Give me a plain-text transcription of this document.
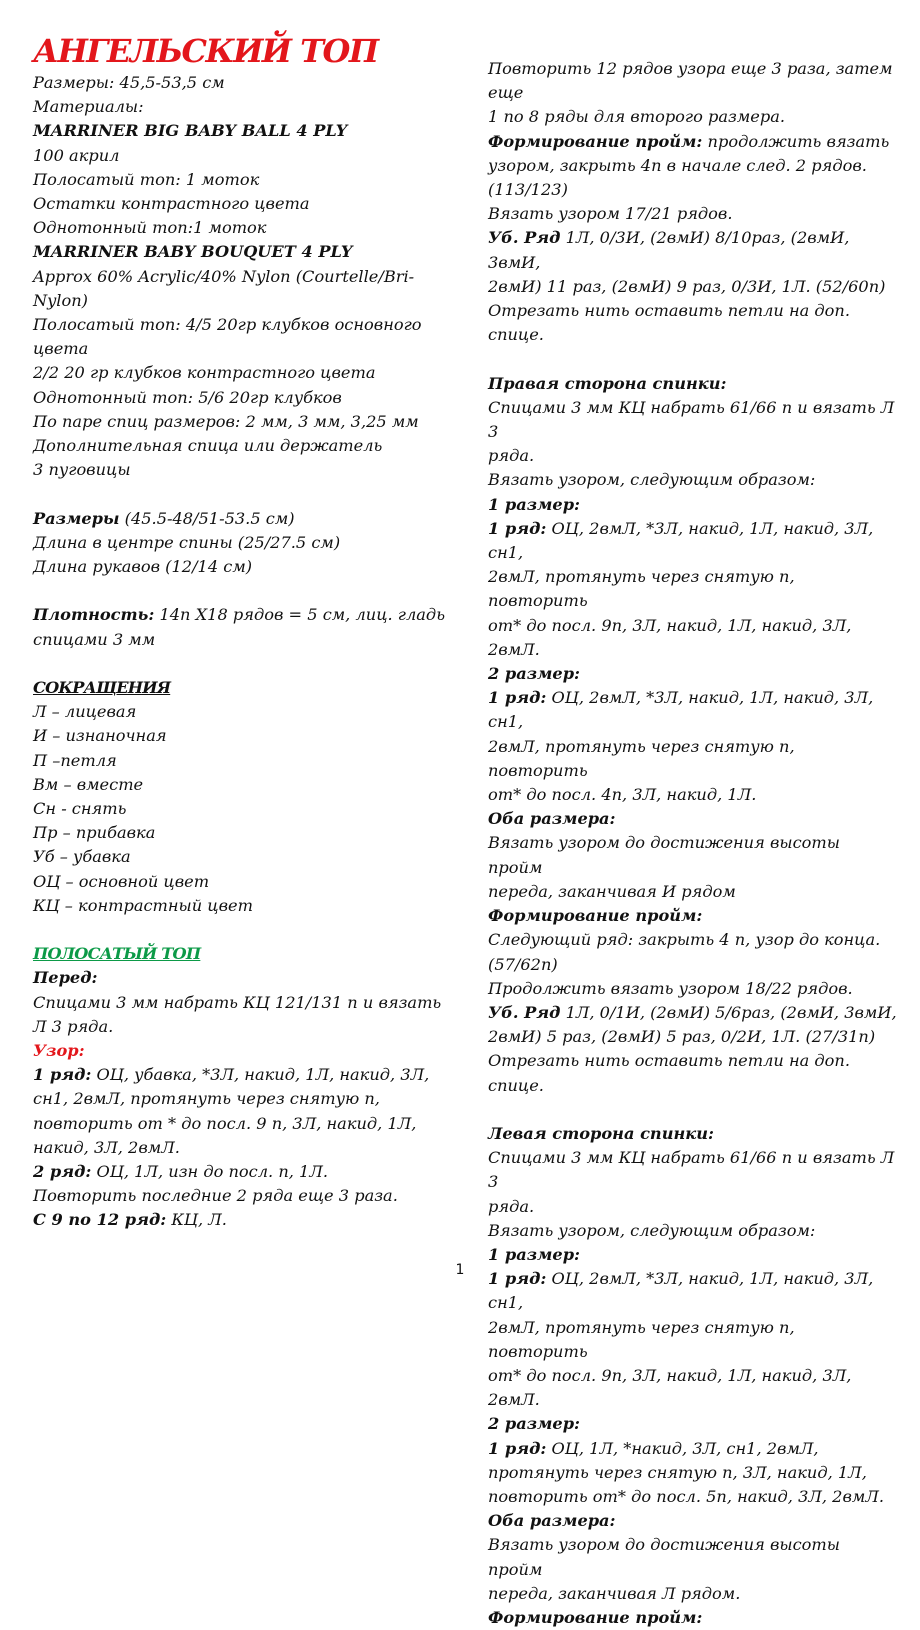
АНГЕЛЬСКИЙ ТОП

Размеры: 45,5-53,5 см

Материалы:

MARRINER BIG BABY BALL 4 PLY

100 акрил

Полосатый топ: 1 моток

Остатки контрастного цвета

Однотонный топ:1 моток

MARRINER BABY BOUQUET 4 PLY

Approx 60% Acrylic/40% Nylon (Courtelle/Bri-

Nylon)

Полосатый топ: 4/5 20гр клубков основного

цвета

2/2 20 гр клубков контрастного цвета

Однотонный топ: 5/6 20гр клубков

По паре спиц размеров: 2 мм, 3 мм, 3,25 мм

Дополнительная спица или держатель

3 пуговицы

Размеры (45.5-48/51-53.5 см)

Длина в центре спины (25/27.5 см)

Длина рукавов (12/14 см)

Плотность: 14п Х18 рядов = 5 см, лиц. гладь

спицами 3 мм

СОКРАЩЕНИЯ

Л – лицевая

И – изнаночная

П –петля

Вм – вместе

Сн - снять

Пр – прибавка

Уб – убавка

ОЦ – основной цвет

КЦ – контрастный цвет

ПОЛОСАТЫЙ ТОП

Перед:

Спицами 3 мм набрать КЦ 121/131 п и вязать

Л 3 ряда.

Узор:

1 ряд: ОЦ, убавка, *3Л, накид, 1Л, накид, 3Л,

сн1, 2вмЛ, протянуть через снятую п,

повторить от * до посл. 9 п, 3Л, накид, 1Л,

накид, 3Л, 2вмЛ.

2 ряд: ОЦ, 1Л, изн до посл. п, 1Л.

Повторить последние 2 ряда еще 3 раза.

С 9 по 12 ряд: КЦ, Л.

Повторить 12 рядов узора еще 3 раза, затем еще

1 по 8 ряды для второго размера.

Формирование пройм: продолжить вязать

узором, закрыть 4п в начале след. 2 рядов.

(113/123)

Вязать узором 17/21 рядов.

Уб. Ряд 1Л, 0/3И, (2вмИ) 8/10раз, (2вмИ, 3вмИ,

2вмИ) 11 раз, (2вмИ) 9 раз, 0/3И, 1Л. (52/60п)

Отрезать нить оставить петли на доп. спице.

Правая сторона спинки:

Спицами 3 мм КЦ набрать 61/66 п и вязать Л 3

ряда.

Вязать узором, следующим образом:

1 размер:

1 ряд: ОЦ, 2вмЛ, *3Л, накид, 1Л, накид, 3Л, сн1,

2вмЛ, протянуть через снятую п, повторить

от* до посл. 9п, 3Л, накид, 1Л, накид, 3Л, 2вмЛ.

2 размер:

1 ряд: ОЦ, 2вмЛ, *3Л, накид, 1Л, накид, 3Л, сн1,

2вмЛ, протянуть через снятую п, повторить

от* до посл. 4п, 3Л, накид, 1Л.

Оба размера:

Вязать узором до достижения высоты пройм

переда, заканчивая И рядом

Формирование пройм:

Следующий ряд: закрыть 4 п, узор до конца.

(57/62п)

Продолжить вязать узором 18/22 рядов.

Уб. Ряд 1Л, 0/1И, (2вмИ) 5/6раз, (2вмИ, 3вмИ,

2вмИ) 5 раз, (2вмИ) 5 раз, 0/2И, 1Л. (27/31п)

Отрезать нить оставить петли на доп. спице.

Левая сторона спинки:

Спицами 3 мм КЦ набрать 61/66 п и вязать Л 3

ряда.

Вязать узором, следующим образом:

1 размер:

1 ряд: ОЦ, 2вмЛ, *3Л, накид, 1Л, накид, 3Л, сн1,

2вмЛ, протянуть через снятую п, повторить

от* до посл. 9п, 3Л, накид, 1Л, накид, 3Л, 2вмЛ.

2 размер:

1 ряд: ОЦ, 1Л, *накид, 3Л, сн1, 2вмЛ,

протянуть через снятую п, 3Л, накид, 1Л,

повторить от* до посл. 5п, накид, 3Л, 2вмЛ.

Оба размера:

Вязать узором до достижения высоты пройм

переда, заканчивая Л рядом.

Формирование пройм:

1
